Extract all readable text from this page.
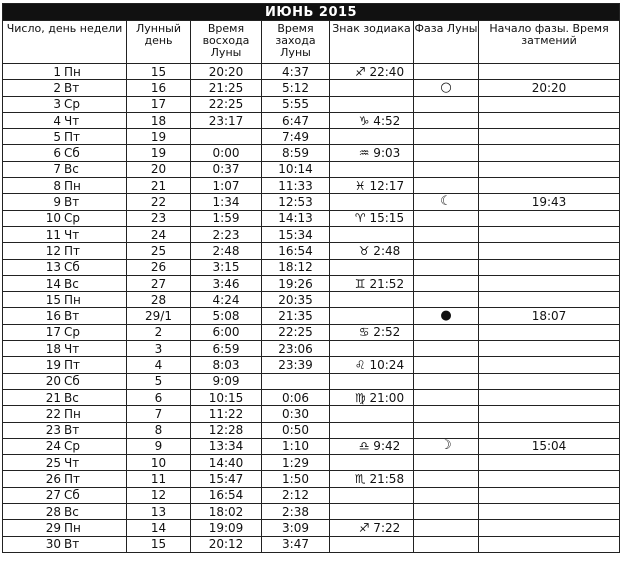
ИЮНЬ 2015						
Число, день недели	Лунный день	Время восхода Луны	Время захода Луны	Знак зодиака	Фаза Луны	Начало фазы. Время затмений
1 Пн	15	20:20	4:37	♐ 22:40		
2 Вт	16	21:25	5:12		○	20:20
3 Ср	17	22:25	5:55			
4 Чт	18	23:17	6:47	♑ 4:52		
5 Пт	19		7:49			
6 Сб	19	0:00	8:59	♒ 9:03		
7 Вс	20	0:37	10:14			
8 Пн	21	1:07	11:33	♓ 12:17		
9 Вт	22	1:34	12:53		☾	19:43
10 Ср	23	1:59	14:13	♈ 15:15		
11 Чт	24	2:23	15:34			
12 Пт	25	2:48	16:54	♉ 2:48		
13 Сб	26	3:15	18:12			
14 Вс	27	3:46	19:26	♊ 21:52		
15 Пн	28	4:24	20:35			
16 Вт	29/1	5:08	21:35		●	18:07
17 Ср	2	6:00	22:25	♋ 2:52		
18 Чт	3	6:59	23:06			
19 Пт	4	8:03	23:39	♌ 10:24		
20 Сб	5	9:09				
21 Вс	6	10:15	0:06	♍ 21:00		
22 Пн	7	11:22	0:30			
23 Вт	8	12:28	0:50			
24 Ср	9	13:34	1:10	♎ 9:42	☽	15:04
25 Чт	10	14:40	1:29			
26 Пт	11	15:47	1:50	♏ 21:58		
27 Сб	12	16:54	2:12			
28 Вс	13	18:02	2:38			
29 Пн	14	19:09	3:09	♐ 7:22		
30 Вт	15	20:12	3:47			
